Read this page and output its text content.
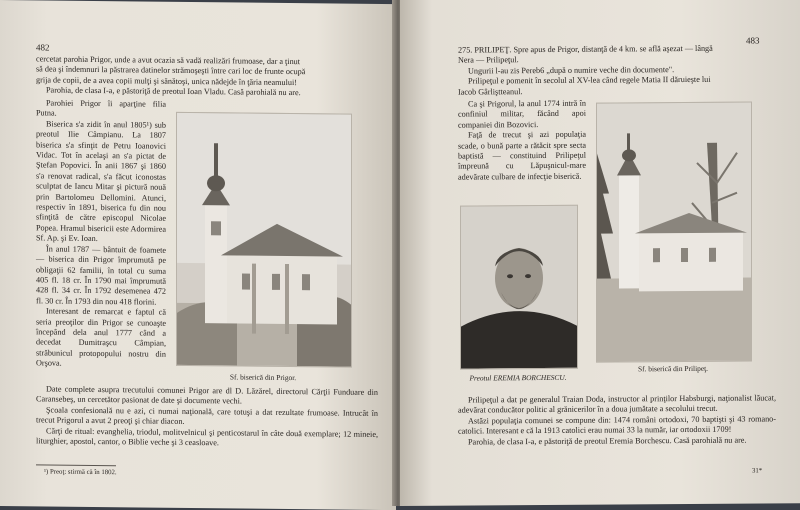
482

cercetat parohia Prigor, unde a avut ocazia să vadă realizări frumoase, dar a ţinut

să dea şi îndemnuri la păstrarea datinelor strămoşeşti între cari loc de frunte ocupă

grija de copii, de a avea copii mulţi şi sănătoşi, unica nădejde în ţăria neamului!

Parohia, de clasa I-a, e păstoriţă de preotul Ioan Vladu. Casă parohială nu are.

Parohiei Prigor îi aparţine filia Putna.

Biserica s'a zidit în anul 1805¹) sub preotul Ilie Câmpianu. La 1807 biserica s'a sfinţit de Petru Ioanovici Vidac. Tot în acelaşi an s'a pictat de Ştefan Popovici. În anii 1867 şi 1860 s'a renovat radical, s'a făcut iconostas sculptat de Iancu Mitar şi pictură nouă prin Bartolomeu Dellomini. Atunci, respectiv în 1891, biserica fu din nou sfinţită de către episcopul Nicolae Popea. Hramul bisericii este Adormirea Sf. Ap. şi Ev. Ioan.

În anul 1787 — bântuit de foamete — biserica din Prigor împrumută pe obligaţii 62 familii, în total cu suma 405 fl. 18 cr. În 1790 mai împrumută 428 fl. 34 cr. În 1792 desemenea 472 fl. 30 cr. În 1793 din nou 418 florini.

Interesant de remarcat e faptul că seria preoţilor din Prigor se cunoaşte începând dela anul 1777 când a decedat Dumitraşcu Câmpian, străbunicul protopopului nostru din Orşova.

Sf. biserică din Prigor.

Date complete asupra trecutului comunei Prigor are dl D. Lăzărel, directorul Cărţii Funduare din Caransebeş, un cercetător pasionat de date şi documente vechi.

Şcoala confesională nu e azi, ci numai naţională, care totuşi a dat rezultate frumoase. Intrucât în trecut Prigorul a avut 2 preoţi şi chiar diacon.

Cărţi de ritual: evanghelia, triodul, molitvelnicul şi penticostarul în câte două exemplare; 12 mineie, liturghier, apostol, cantor, o Biblie veche şi 3 ceasloave.

¹) Preoţ: stirmă că în 1802.
483

275. PRILIPEŢ. Spre apus de Prigor, distanţă de 4 km. se află aşezat — lângă

Nera — Prilipeţul.

Ungurii l-au zis Pereb6 „după o numire veche din documente".

Prilipeţul e pomenit în secolul al XV-lea când regele Matia II dăruieşte lui

Iacob Gârliştteanul.

Ca şi Prigorul, la anul 1774 intră în confiniul militar, făcând apoi companiei din Bozovici.

Faţă de trecut şi azi populaţia scade, o bună parte a rătăcit spre secta baptistă — constituind Prilipeţul împreună cu Lăpuşnicul-mare adevărate culbare de infecţie biserică.

Sf. biserică din Prilipeţ.
Preotul EREMIA BORCHESCU.

Prilipeţul a dat pe generalul Traian Doda, instructor al prinţilor Habsburgi, naţionalist lăucat, adevărat conducător politic al grănicerilor în a doua jumătate a secolului trecut.

Astăzi populaţia comunei se compune din: 1474 români ortodoxi, 70 baptişti şi 43 romano-catolici. Interesant e că la 1913 catolici erau numai 33 la număr, iar ortodoxii 1709!

Parohia, de clasa I-a, e păstoriţă de preotul Eremia Borchescu. Casă parohială nu are.

31*
